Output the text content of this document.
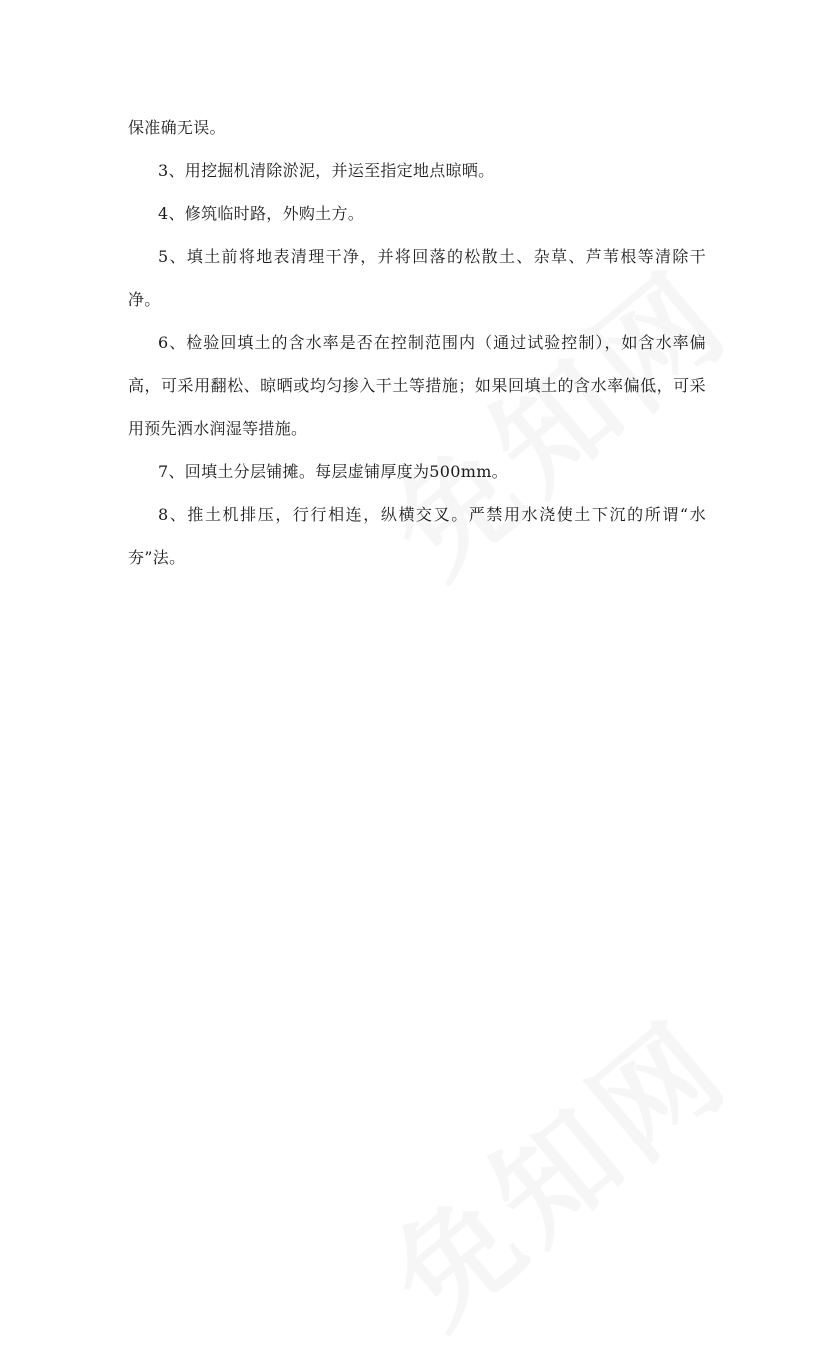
保准确无误。

3、用挖掘机清除淤泥，并运至指定地点晾晒。

4、修筑临时路，外购土方。

5、填土前将地表清理干净，并将回落的松散土、杂草、芦苇根等清除干净。

6、检验回填土的含水率是否在控制范围内（通过试验控制），如含水率偏高，可采用翻松、晾晒或均匀掺入干土等措施；如果回填土的含水率偏低，可采用预先洒水润湿等措施。

7、回填土分层铺摊。每层虚铺厚度为500mm。

8、推土机排压，行行相连，纵横交叉。严禁用水浇使土下沉的所谓“水夯”法。
